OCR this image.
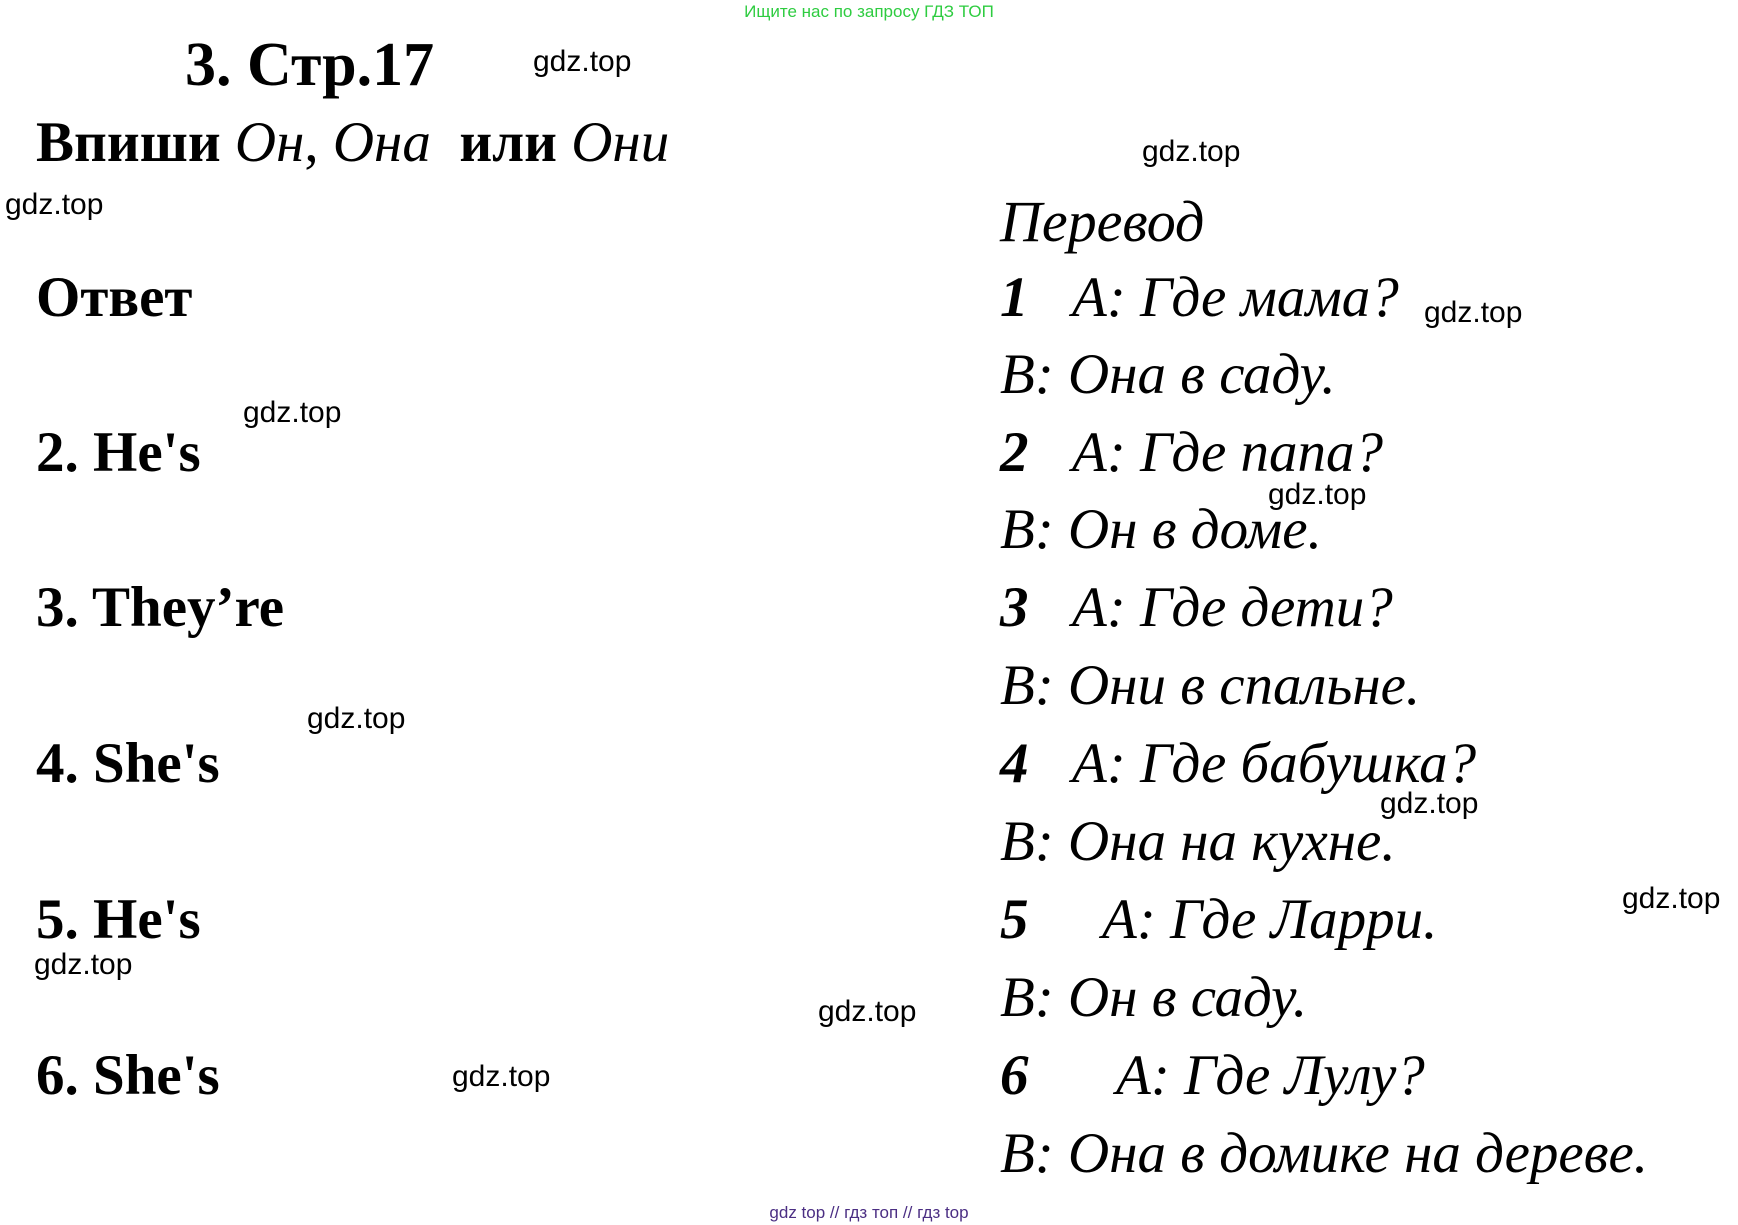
Ищите нас по запросу ГДЗ ТОП
3. Стр.17
Впиши Он, Она или Они
Ответ
2. He's
3. They’re
4. She's
5. He's
6. She's
Перевод
1 А: Где мама?
В: Она в саду.
2 А: Где папа?
В: Он в доме.
3 А: Где дети?
В: Они в спальне.
4 А: Где бабушка?
В: Она на кухне.
5 А: Где Ларри.
В: Он в саду.
6 А: Где Лулу?
В: Она в домике на дереве.
gdz.top
gdz.top
gdz.top
gdz.top
gdz.top
gdz.top
gdz.top
gdz.top
gdz.top
gdz.top
gdz.top
gdz.top
gdz top // гдз топ // гдз top
